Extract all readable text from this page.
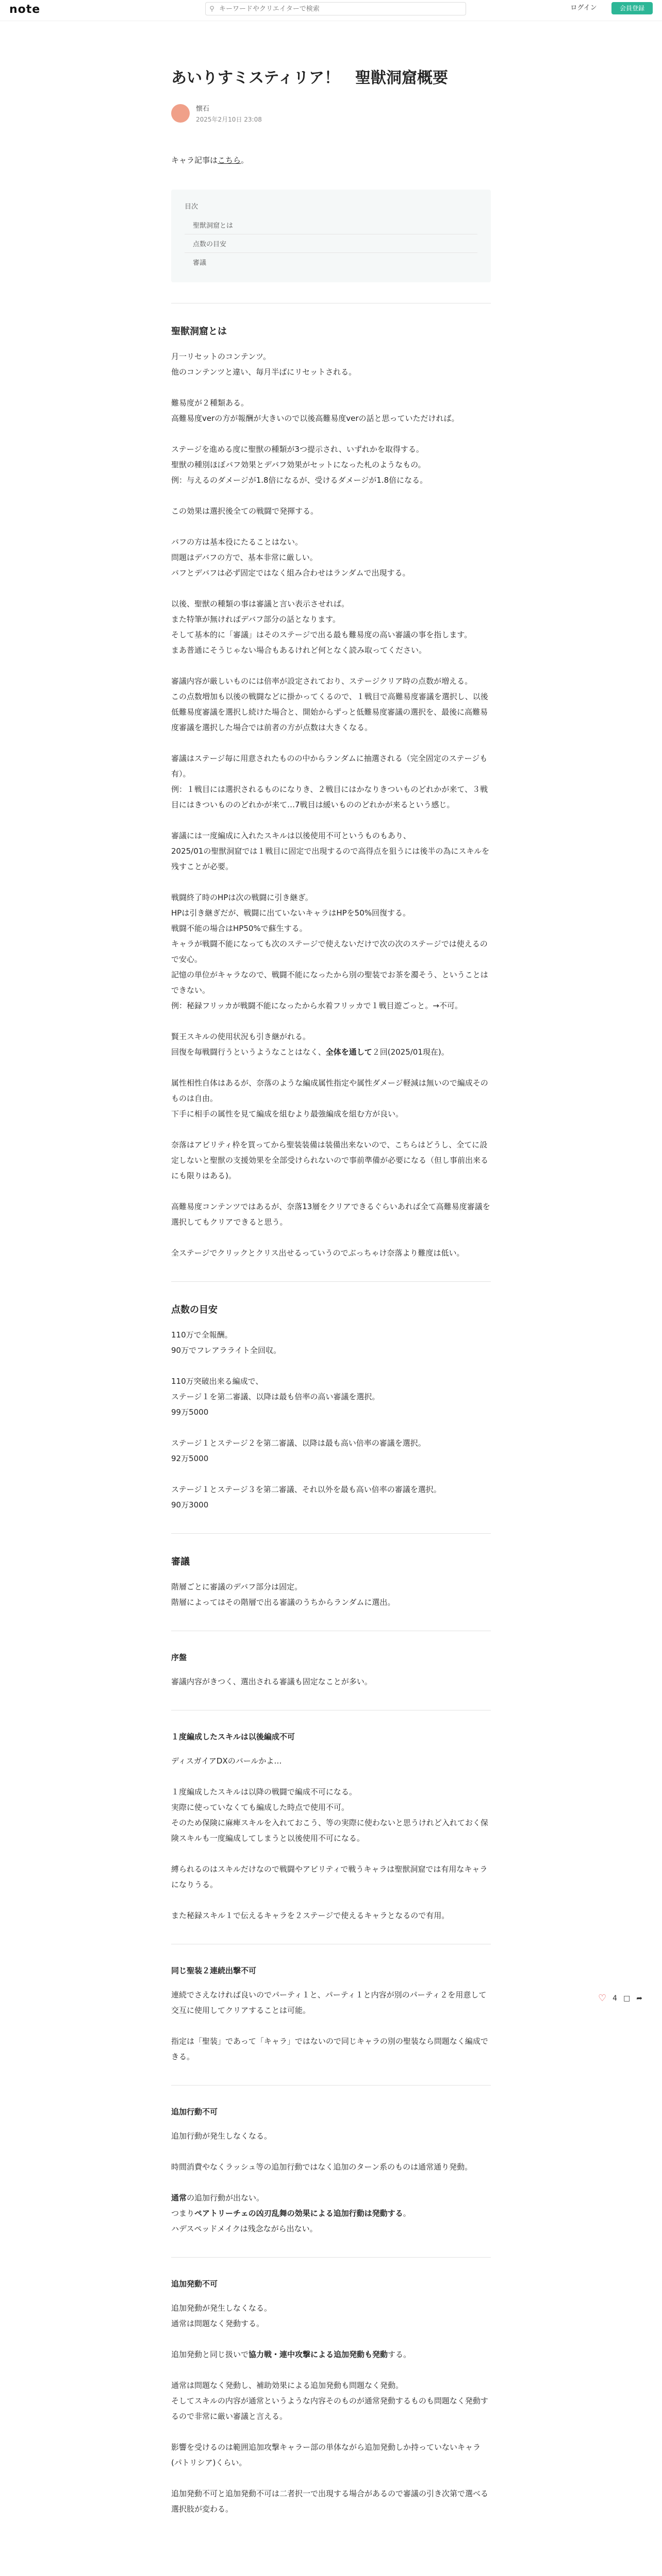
note	⚲
キーワードやクリエイターで検索	ログイン	会員登録
あいりすミスティリア！　聖獣洞窟概要
懐石
2025年2月10日 23:08
キャラ記事はこちら。
目次
聖獣洞窟とは
点数の目安
審議
聖獣洞窟とは

月一リセットのコンテンツ。
他のコンテンツと違い、毎月半ばにリセットされる。

難易度が２種類ある。
高難易度verの方が報酬が大きいので以後高難易度verの話と思っていただければ。

ステージを進める度に聖獣の種類が3つ提示され、いずれかを取得する。
聖獣の種別ほぼバフ効果とデバフ効果がセットになった札のようなもの。
例：与えるのダメージが1.8倍になるが、受けるダメージが1.8倍になる。

この効果は選択後全ての戦闘で発揮する。

バフの方は基本役にたることはない。
問題はデバフの方で、基本非常に厳しい。
バフとデバフは必ず固定ではなく組み合わせはランダムで出現する。

以後、聖獣の種類の事は審議と言い表示させれば。
また特筆が無ければデバフ部分の話となります。
そして基本的に「審議」はそのステージで出る最も難易度の高い審議の事を指します。
まあ普通にそうじゃない場合もあるけれど何となく読み取ってください。

審議内容が厳しいものには倍率が設定されており、ステージクリア時の点数が増える。
この点数増加も以後の戦闘などに掛かってくるので、１戦目で高難易度審議を選択し、以後低難易度審議を選択し続けた場合と、開始からずっと低難易度審議の選択を、最後に高難易度審議を選択した場合では前者の方が点数は大きくなる。

審議はステージ毎に用意されたものの中からランダムに抽選される（完全固定のステージも有）。
例：１戦目には選択されるものになりき、２戦目にはかなりきついものどれかが来て、３戦目にはきついもののどれかが来て…7戦目は緩いもののどれかが来るという感じ。

審議には一度編成に入れたスキルは以後使用不可というものもあり、
2025/01の聖獣洞窟では１戦目に固定で出現するので高得点を狙うには後半の為にスキルを残すことが必要。

戦闘終了時のHPは次の戦闘に引き継ぎ。
HPは引き継ぎだが、戦闘に出ていないキャラはHPを50%回復する。
戦闘不能の場合はHP50%で蘇生する。
キャラが戦闘不能になっても次のステージで使えないだけで次の次のステージでは使えるので安心。
記憶の単位がキャラなので、戦闘不能になったから別の聖装でお茶を濁そう、ということはできない。
例：秘録フリッカが戦闘不能になったから水着フリッカで１戦目遊ごっと。→不可。

賢王スキルの使用状況も引き継がれる。
回復を毎戦闘行うというようなことはなく、全体を通して２回(2025/01現在)。

属性相性自体はあるが、奈落のような編成属性指定や属性ダメージ軽減は無いので編成そのものは自由。
下手に相手の属性を見て編成を組むより最強編成を組む方が良い。

奈落はアビリティ枠を買ってから聖装装備は装備出来ないので、こちらはどうし、全てに設定しないと聖獣の支援効果を全部受けられないので事前準備が必要になる（但し事前出来るにも限りはある)。

高難易度コンテンツではあるが、奈落13層をクリアできるぐらいあれば全て高難易度審議を選択してもクリアできると思う。

全ステージでクリックとクリス出せるっていうのでぶっちゃけ奈落より難度は低い。

点数の目安

110万で全報酬。
90万でフレアラライト全回収。

110万突破出来る編成で、
ステージ１を第二審議、以降は最も倍率の高い審議を選択。
99万5000

ステージ１とステージ２を第二審議、以降は最も高い倍率の審議を選択。
92万5000

ステージ１とステージ３を第二審議、それ以外を最も高い倍率の審議を選択。
90万3000

審議

階層ごとに審議のデバフ部分は固定。
階層によってはその階層で出る審議のうちからランダムに選出。

序盤

審議内容がきつく、選出される審議も固定なことが多い。

１度編成したスキルは以後編成不可

ディスガイアDXのバールかよ…

１度編成したスキルは以降の戦闘で編成不可になる。
実際に使っていなくても編成した時点で使用不可。
そのため保険に麻痺スキルを入れておこう、等の実際に使わないと思うけれど入れておく保険スキルも一度編成してしまうと以後使用不可になる。

縛られるのはスキルだけなので戦闘やアビリティで戦うキャラは聖獣洞窟では有用なキャラになりうる。

また秘録スキル１で伝えるキャラを２ステージで使えるキャラとなるので有用。

同じ聖装２連続出撃不可

連続でさえなければ良いのでパーティ１と、パーティ１と内容が別のパーティ２を用意して交互に使用してクリアすることは可能。

指定は「聖装」であって「キャラ」ではないので同じキャラの別の聖装なら問題なく編成できる。

追加行動不可

追加行動が発生しなくなる。

時間消費やなくラッシュ等の追加行動ではなく追加のターン系のものは通常通り発動。

通常の追加行動が出ない。
つまりペアトリーチェの凶刃乱舞の効果による追加行動は発動する。
ハデスペッドメイクは残念ながら出ない。

追加発動不可

追加発動が発生しなくなる。
通常は問題なく発動する。

追加発動と同じ扱いで協力戦・連中攻撃による追加発動も発動する。

通常は問題なく発動し、補助効果による追加発動も問題なく発動。
そしてスキルの内容が通常というような内容そのものが通常発動するものも問題なく発動するので非常に厳い審議と言える。

影響を受けるのは範囲追加攻撃キャラー部の単体ながら追加発動しか持っていないキャラ(パトリシア)くらい。

追加発動不可と追加発動不可は二者択一で出現する場合があるので審議の引き次第で選べる選択肢が変わる。

♡ 4 □ ➦
